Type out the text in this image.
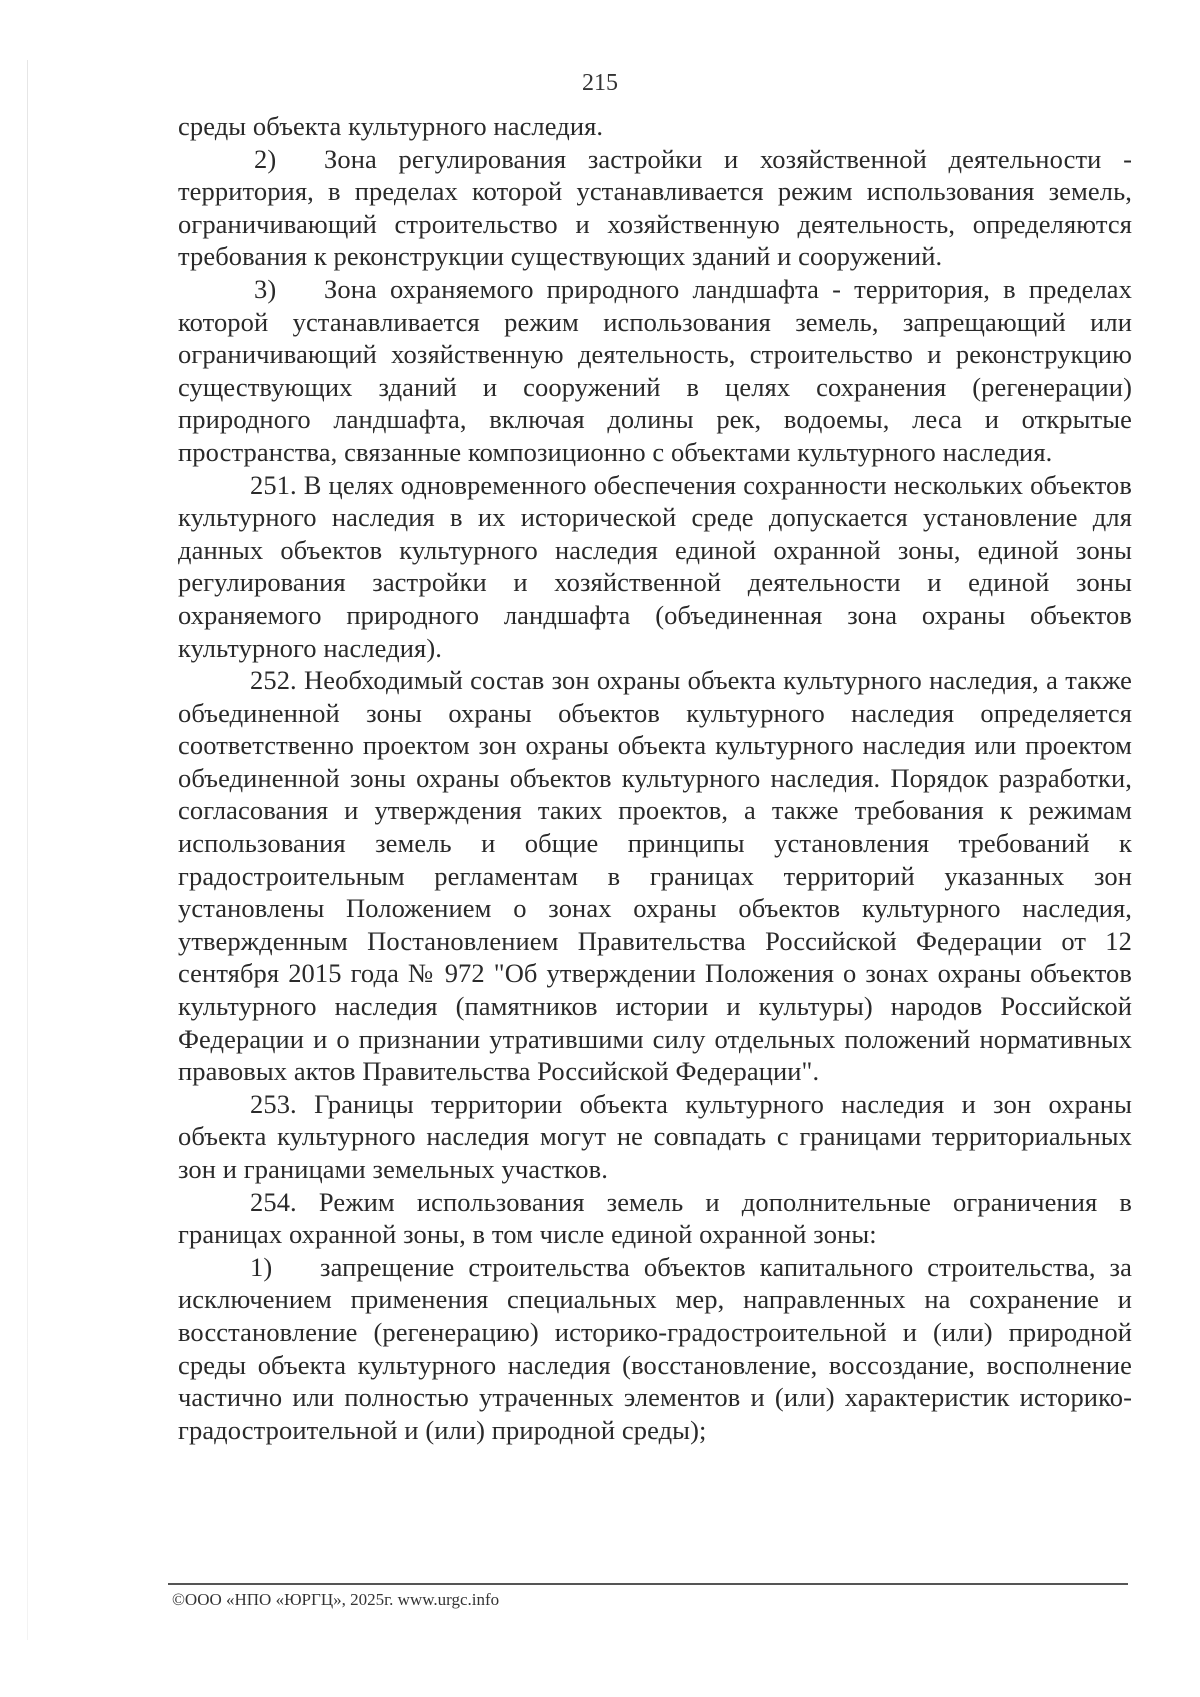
215

среды объекта культурного наследия.

2) Зона регулирования застройки и хозяйственной деятельности - территория, в пределах которой устанавливается режим использования земель, ограничивающий строительство и хозяйственную деятельность, определяются требования к реконструкции существующих зданий и сооружений.

3) Зона охраняемого природного ландшафта - территория, в пределах которой устанавливается режим использования земель, запрещающий или ограничивающий хозяйственную деятельность, строительство и реконструкцию существующих зданий и сооружений в целях сохранения (регенерации) природного ландшафта, включая долины рек, водоемы, леса и открытые пространства, связанные композиционно с объектами культурного наследия.

251. В целях одновременного обеспечения сохранности нескольких объектов культурного наследия в их исторической среде допускается установление для данных объектов культурного наследия единой охранной зоны, единой зоны регулирования застройки и хозяйственной деятельности и единой зоны охраняемого природного ландшафта (объединенная зона охраны объектов культурного наследия).

252. Необходимый состав зон охраны объекта культурного наследия, а также объединенной зоны охраны объектов культурного наследия определяется соответственно проектом зон охраны объекта культурного наследия или проектом объединенной зоны охраны объектов культурного наследия. Порядок разработки, согласования и утверждения таких проектов, а также требования к режимам использования земель и общие принципы установления требований к градостроительным регламентам в границах территорий указанных зон установлены Положением о зонах охраны объектов культурного наследия, утвержденным Постановлением Правительства Российской Федерации от 12 сентября 2015 года № 972 "Об утверждении Положения о зонах охраны объектов культурного наследия (памятников истории и культуры) народов Российской Федерации и о признании утратившими силу отдельных положений нормативных правовых актов Правительства Российской Федерации".

253. Границы территории объекта культурного наследия и зон охраны объекта культурного наследия могут не совпадать с границами территориальных зон и границами земельных участков.

254. Режим использования земель и дополнительные ограничения в границах охранной зоны, в том числе единой охранной зоны:

1) запрещение строительства объектов капитального строительства, за исключением применения специальных мер, направленных на сохранение и восстановление (регенерацию) историко-градостроительной и (или) природной среды объекта культурного наследия (восстановление, воссоздание, восполнение частично или полностью утраченных элементов и (или) характеристик историко-градостроительной и (или) природной среды);

©ООО «НПО «ЮРГЦ», 2025г. www.urgc.info
